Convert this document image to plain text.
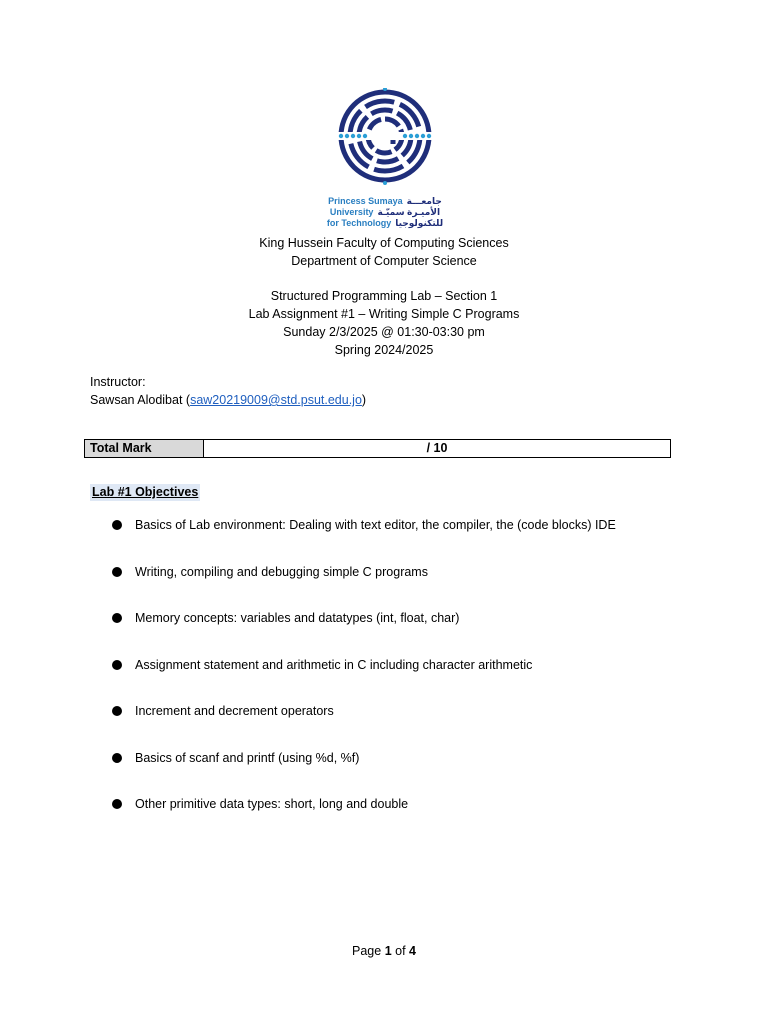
Princess Sumaya جامعـــة
University الأميـرة سميّـة
for Technology للتكنولوجيا
King Hussein Faculty of Computing Sciences
Department of Computer Science
Structured Programming Lab – Section 1
Lab Assignment #1 – Writing Simple C Programs
Sunday 2/3/2025 @ 01:30-03:30 pm
Spring 2024/2025
Instructor:
Sawsan Alodibat (saw20219009@std.psut.edu.jo)
Total Mark	/ 10
Lab #1 Objectives
Basics of Lab environment: Dealing with text editor, the compiler, the (code blocks) IDE
Writing, compiling and debugging simple C programs
Memory concepts: variables and datatypes (int, float, char)
Assignment statement and arithmetic in C including character arithmetic
Increment and decrement operators
Basics of scanf and printf (using %d, %f)
Other primitive data types: short, long and double
Page 1 of 4
